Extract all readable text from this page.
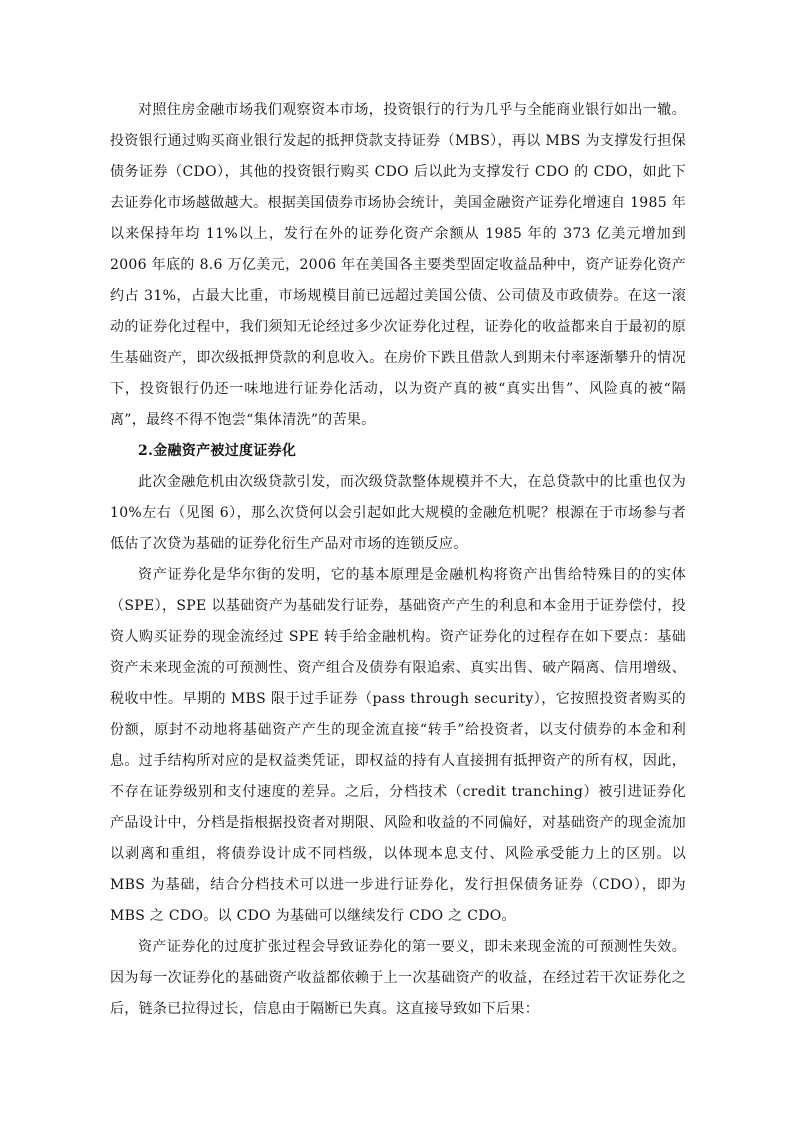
对照住房金融市场我们观察资本市场，投资银行的行为几乎与全能商业银行如出一辙。投资银行通过购买商业银行发起的抵押贷款支持证券（MBS），再以 MBS 为支撑发行担保债务证券（CDO），其他的投资银行购买 CDO 后以此为支撑发行 CDO 的 CDO，如此下去证券化市场越做越大。根据美国债券市场协会统计，美国金融资产证券化增速自 1985 年以来保持年均 11%以上，发行在外的证券化资产余额从 1985 年的 373 亿美元增加到 2006 年底的 8.6 万亿美元，2006 年在美国各主要类型固定收益品种中，资产证券化资产约占 31%，占最大比重，市场规模目前已远超过美国公债、公司债及市政债券。在这一滚动的证券化过程中，我们须知无论经过多少次证券化过程，证券化的收益都来自于最初的原生基础资产，即次级抵押贷款的利息收入。在房价下跌且借款人到期未付率逐渐攀升的情况下，投资银行仍还一味地进行证券化活动，以为资产真的被“真实出售”、风险真的被“隔离”，最终不得不饱尝“集体清洗”的苦果。

2.金融资产被过度证券化

此次金融危机由次级贷款引发，而次级贷款整体规模并不大，在总贷款中的比重也仅为 10%左右（见图 6），那么次贷何以会引起如此大规模的金融危机呢？根源在于市场参与者低估了次贷为基础的证券化衍生产品对市场的连锁反应。

资产证券化是华尔街的发明，它的基本原理是金融机构将资产出售给特殊目的的实体（SPE），SPE 以基础资产为基础发行证券，基础资产产生的利息和本金用于证券偿付，投资人购买证券的现金流经过 SPE 转手给金融机构。资产证券化的过程存在如下要点：基础资产未来现金流的可预测性、资产组合及债券有限追索、真实出售、破产隔离、信用增级、税收中性。早期的 MBS 限于过手证券（pass through security），它按照投资者购买的份额，原封不动地将基础资产产生的现金流直接“转手”给投资者，以支付债券的本金和利息。过手结构所对应的是权益类凭证，即权益的持有人直接拥有抵押资产的所有权，因此，不存在证券级别和支付速度的差异。之后，分档技术（credit tranching）被引进证券化产品设计中，分档是指根据投资者对期限、风险和收益的不同偏好，对基础资产的现金流加以剥离和重组，将债券设计成不同档级，以体现本息支付、风险承受能力上的区别。以 MBS 为基础，结合分档技术可以进一步进行证券化，发行担保债务证券（CDO），即为 MBS 之 CDO。以 CDO 为基础可以继续发行 CDO 之 CDO。

资产证券化的过度扩张过程会导致证券化的第一要义，即未来现金流的可预测性失效。因为每一次证券化的基础资产收益都依赖于上一次基础资产的收益，在经过若干次证券化之后，链条已拉得过长，信息由于隔断已失真。这直接导致如下后果：
